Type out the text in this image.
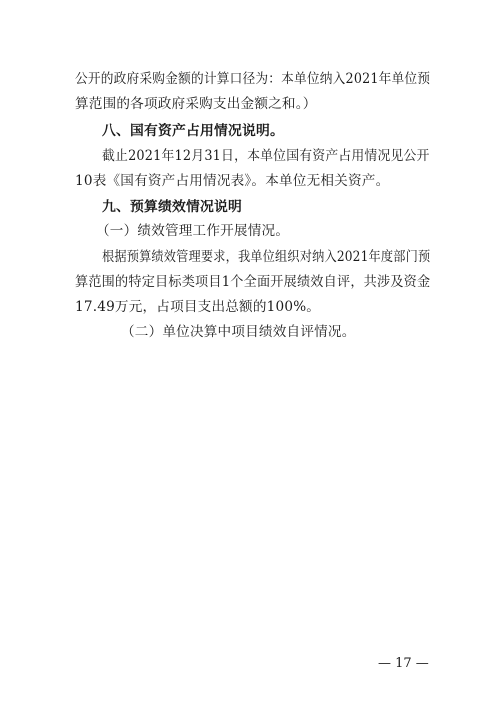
公开的政府采购金额的计算口径为：本单位纳入2021年单位预
算范围的各项政府采购支出金额之和。）
八、国有资产占用情况说明。
截止2021年12月31日，本单位国有资产占用情况见公开
10表《国有资产占用情况表》。本单位无相关资产。
九、预算绩效情况说明
（一）绩效管理工作开展情况。
根据预算绩效管理要求，我单位组织对纳入2021年度部门预
算范围的特定目标类项目1个全面开展绩效自评，共涉及资金
17.49万元，占项目支出总额的100%。
（二）单位决算中项目绩效自评情况。
— 17 —
